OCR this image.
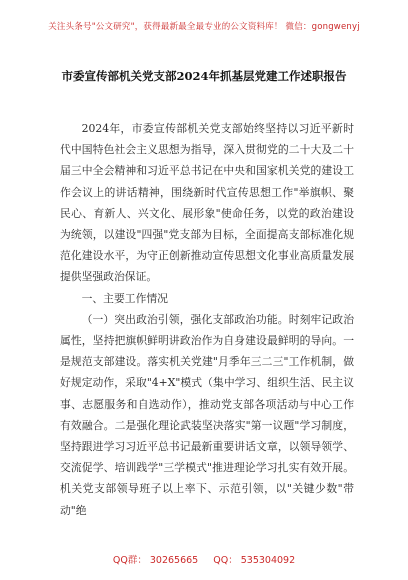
关注头条号"公文研究"，获得最新最全最专业的公文资料库！ 微信：gongwenyj
市委宣传部机关党支部2024年抓基层党建工作述职报告

2024年，市委宣传部机关党支部始终坚持以习近平新时代中国特色社会主义思想为指导，深入贯彻党的二十大及二十届三中全会精神和习近平总书记在中央和国家机关党的建设工作会议上的讲话精神，围绕新时代宣传思想工作"举旗帜、聚民心、育新人、兴文化、展形象"使命任务，以党的政治建设为统领，以建设"四强"党支部为目标，全面提高支部标准化规范化建设水平，为守正创新推动宣传思想文化事业高质量发展提供坚强政治保证。

一、主要工作情况

（一）突出政治引领，强化支部政治功能。时刻牢记政治属性，坚持把旗帜鲜明讲政治作为自身建设最鲜明的导向。一是规范支部建设。落实机关党建"月季年三二三"工作机制，做好规定动作，采取"4+X"模式（集中学习、组织生活、民主议事、志愿服务和自选动作），推动党支部各项活动与中心工作有效融合。二是强化理论武装坚决落实"第一议题"学习制度，坚持跟进学习习近平总书记最新重要讲话文章，以领导领学、交流促学、培训践学"三学模式"推进理论学习扎实有效开展。机关党支部领导班子以上率下、示范引领，以"关键少数"带动"绝

QQ群： 30265665 QQ： 535304092
